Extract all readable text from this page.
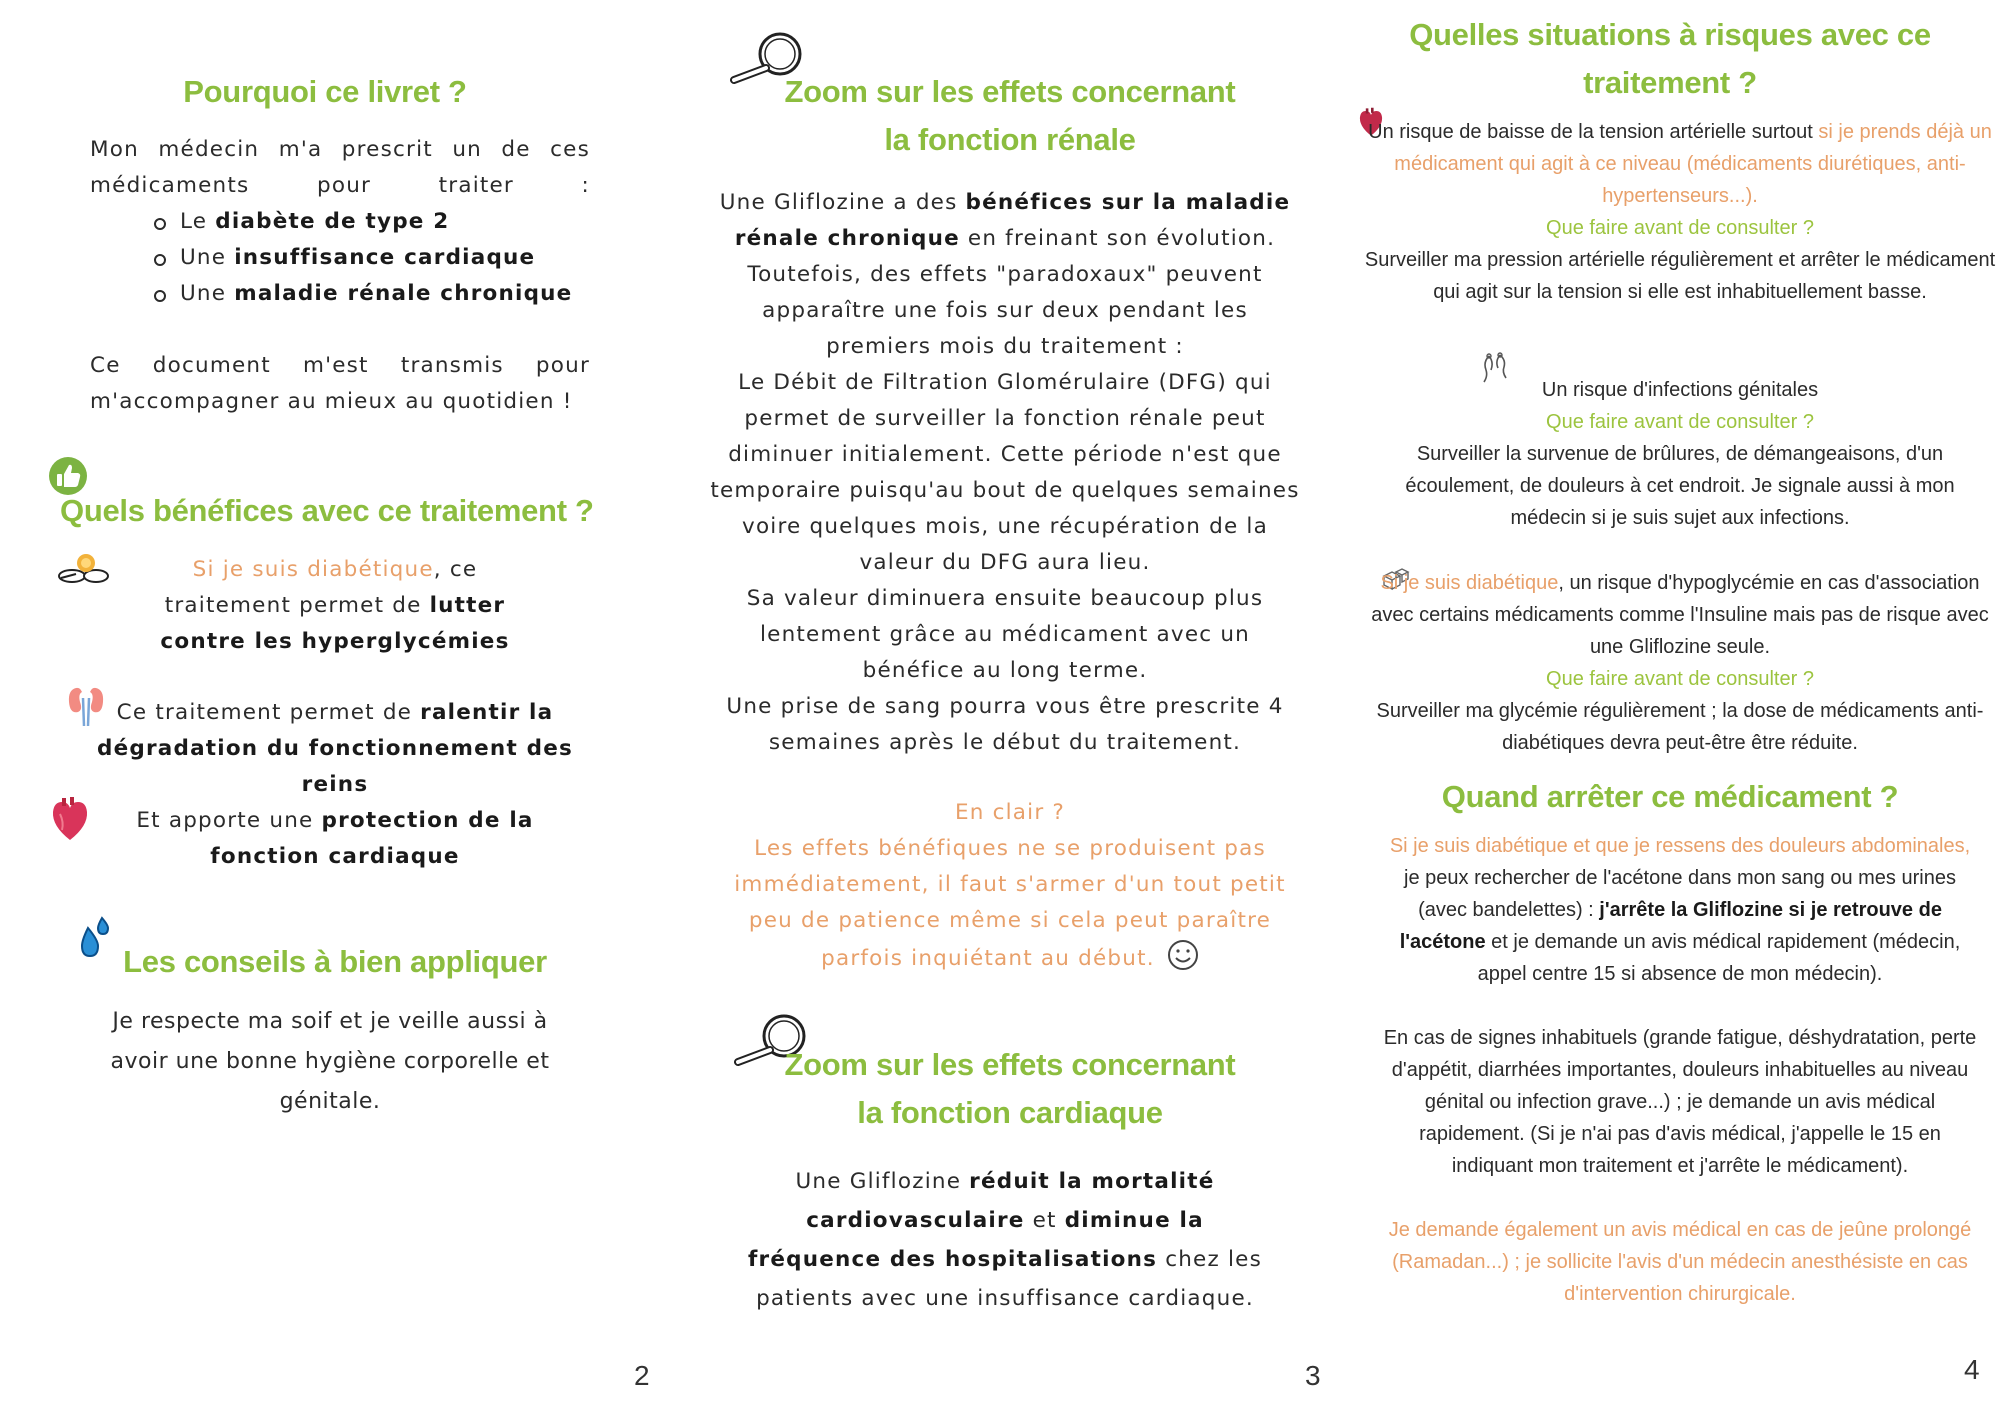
Pourquoi ce livret ?

Mon médecin m'a prescrit un de ces médicaments pour traiter :

Le diabète de type 2
Une insuffisance cardiaque
Une maladie rénale chronique

Ce document m'est transmis pour m'accompagner au mieux au quotidien !

Quels bénéfices avec ce traitement ?
Si je suis diabétique, ce traitement permet de lutter contre les hyperglycémies
Ce traitement permet de ralentir la dégradation du fonctionnement des reins
Et apporte une protection de la fonction cardiaque
Les conseils à bien appliquer
Je respecte ma soif et je veille aussi à avoir une bonne hygiène corporelle et génitale.
2
Zoom sur les effets concernant
la fonction rénale

Une Gliflozine a des bénéfices sur la maladie rénale chronique en freinant son évolution.

Toutefois, des effets "paradoxaux" peuvent apparaître une fois sur deux pendant les premiers mois du traitement :

Le Débit de Filtration Glomérulaire (DFG) qui permet de surveiller la fonction rénale peut diminuer initialement. Cette période n'est que temporaire puisqu'au bout de quelques semaines voire quelques mois, une récupération de la valeur du DFG aura lieu.

Sa valeur diminuera ensuite beaucoup plus lentement grâce au médicament avec un bénéfice au long terme.

Une prise de sang pourra vous être prescrite 4 semaines après le début du traitement.

En clair ?

Les effets bénéfiques ne se produisent pas immédiatement, il faut s'armer d'un tout petit peu de patience même si cela peut paraître parfois inquiétant au début.

Zoom sur les effets concernant
la fonction cardiaque
Une Gliflozine réduit la mortalité cardiovasculaire et diminue la fréquence des hospitalisations chez les patients avec une insuffisance cardiaque.
3
Quelles situations à risques avec ce traitement ?

Un risque de baisse de la tension artérielle surtout si je prends déjà un médicament qui agit à ce niveau (médicaments diurétiques, anti-hypertenseurs...).

Que faire avant de consulter ?

Surveiller ma pression artérielle régulièrement et arrêter le médicament qui agit sur la tension si elle est inhabituellement basse.

Un risque d'infections génitales

Que faire avant de consulter ?

Surveiller la survenue de brûlures, de démangeaisons, d'un écoulement, de douleurs à cet endroit. Je signale aussi à mon médecin si je suis sujet aux infections.

Si je suis diabétique, un risque d'hypoglycémie en cas d'association avec certains médicaments comme l'Insuline mais pas de risque avec une Gliflozine seule.

Que faire avant de consulter ?

Surveiller ma glycémie régulièrement ; la dose de médicaments anti-diabétiques devra peut-être être réduite.

Quand arrêter ce médicament ?

Si je suis diabétique et que je ressens des douleurs abdominales, je peux rechercher de l'acétone dans mon sang ou mes urines (avec bandelettes) : j'arrête la Gliflozine si je retrouve de l'acétone et je demande un avis médical rapidement (médecin, appel centre 15 si absence de mon médecin).

En cas de signes inhabituels (grande fatigue, déshydratation, perte d'appétit, diarrhées importantes, douleurs inhabituelles au niveau génital ou infection grave...) ; je demande un avis médical rapidement. (Si je n'ai pas d'avis médical, j'appelle le 15 en indiquant mon traitement et j'arrête le médicament).

Je demande également un avis médical en cas de jeûne prolongé (Ramadan...) ; je sollicite l'avis d'un médecin anesthésiste en cas d'intervention chirurgicale.

4
